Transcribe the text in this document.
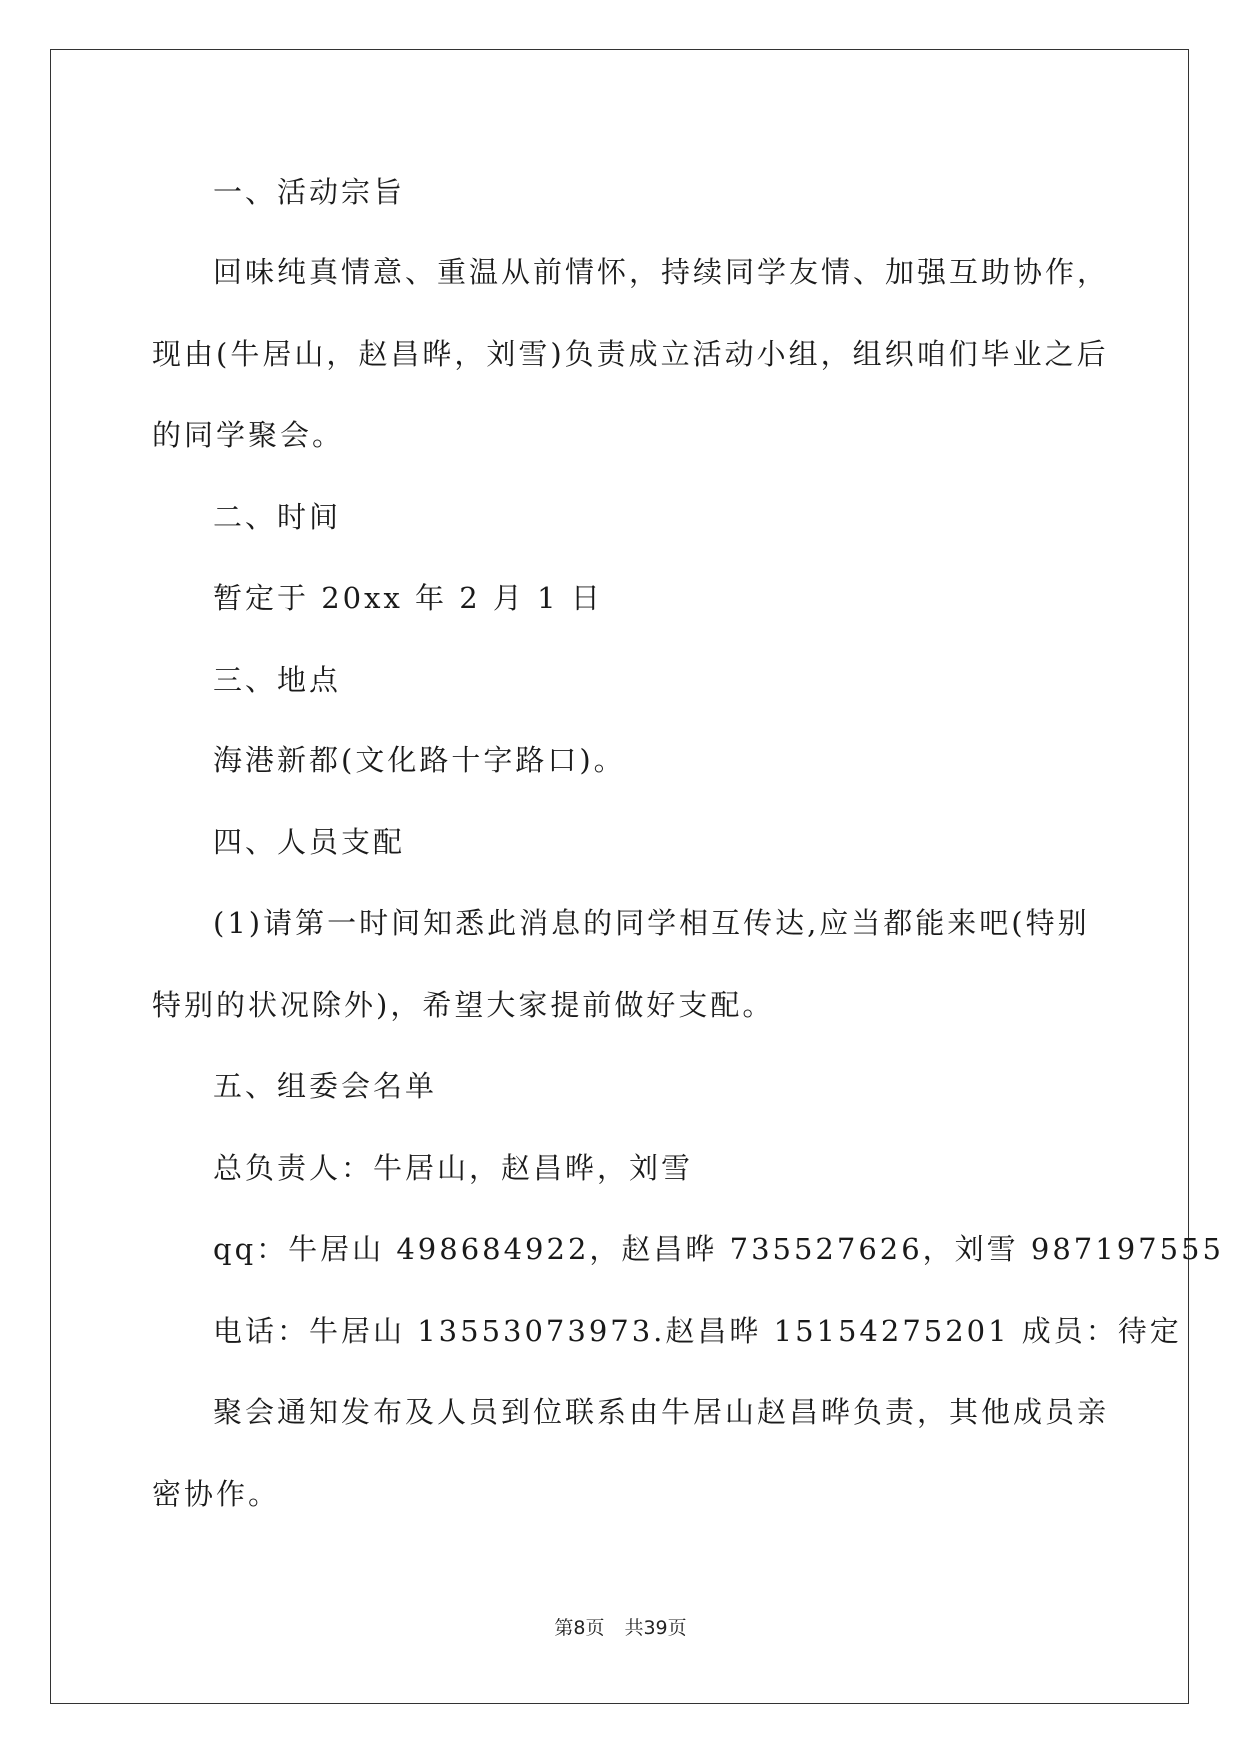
一、活动宗旨
回味纯真情意、重温从前情怀，持续同学友情、加强互助协作，
现由(牛居山，赵昌晔，刘雪)负责成立活动小组，组织咱们毕业之后
的同学聚会。
二、时间
暂定于 20xx 年 2 月 1 日
三、地点
海港新都(文化路十字路口)。
四、人员支配
(1)请第一时间知悉此消息的同学相互传达,应当都能来吧(特别
特别的状况除外)，希望大家提前做好支配。
五、组委会名单
总负责人：牛居山，赵昌晔，刘雪
qq：牛居山 498684922，赵昌晔 735527626，刘雪 987197555
电话：牛居山 13553073973.赵昌晔 15154275201 成员：待定
聚会通知发布及人员到位联系由牛居山赵昌晔负责，其他成员亲
密协作。
第8页 共39页
